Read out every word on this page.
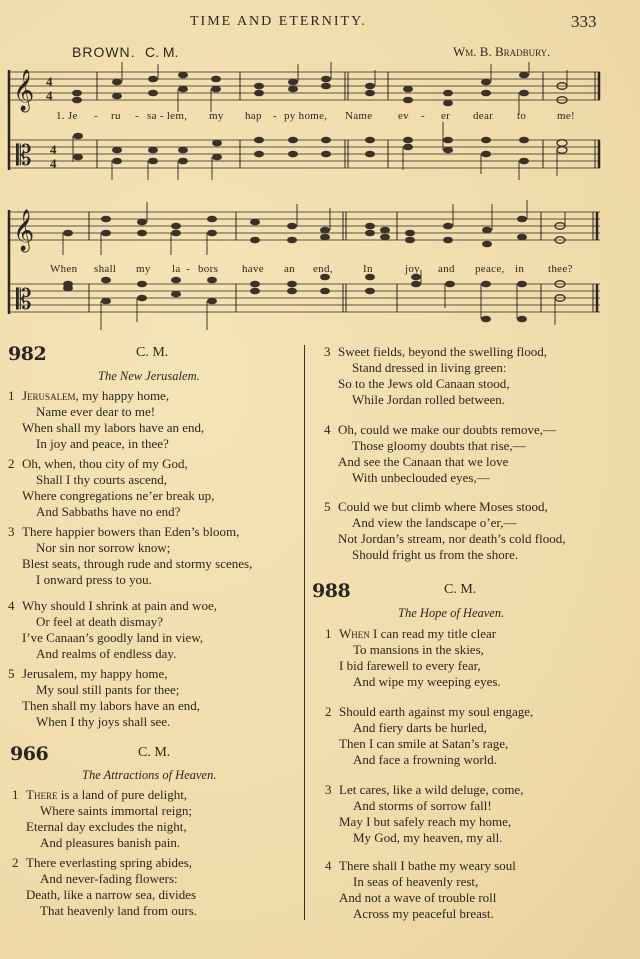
TIME AND ETERNITY.	333
BROWN. C. M.	Wm. B. Bradbury.
𝄞
𝄡
4
4
4
4
1. Je - ru - sa - lem, my hap - py home, Name ev - er dear to	me!
𝄞
𝄡
When shall my la - bors have an end,	In	joy and peace, in thee?
982	C. M.
The New Jerusalem.
1 Jerusalem, my happy home,
Name ever dear to me!
When shall my labors have an end,
In joy and peace, in thee?
2 Oh, when, thou city of my God,
Shall I thy courts ascend,
Where congregations ne’er break up,
And Sabbaths have no end?
3 There happier bowers than Eden’s bloom,
Nor sin nor sorrow know;
Blest seats, through rude and stormy scenes,
I onward press to you.
4 Why should I shrink at pain and woe,
Or feel at death dismay?
I’ve Canaan’s goodly land in view,
And realms of endless day.
5 Jerusalem, my happy home,
My soul still pants for thee;
Then shall my labors have an end,
When I thy joys shall see.
966	C. M.
The Attractions of Heaven.
1 There is a land of pure delight,
Where saints immortal reign;
Eternal day excludes the night,
And pleasures banish pain.
2 There everlasting spring abides,
And never-fading flowers:
Death, like a narrow sea, divides
That heavenly land from ours.
3 Sweet fields, beyond the swelling flood,
Stand dressed in living green:
So to the Jews old Canaan stood,
While Jordan rolled between.
4 Oh, could we make our doubts remove,—
Those gloomy doubts that rise,—
And see the Canaan that we love
With unbeclouded eyes,—
5 Could we but climb where Moses stood,
And view the landscape o’er,—
Not Jordan’s stream, nor death’s cold flood,
Should fright us from the shore.
988	C. M.
The Hope of Heaven.
1 When I can read my title clear
To mansions in the skies,
I bid farewell to every fear,
And wipe my weeping eyes.
2 Should earth against my soul engage,
And fiery darts be hurled,
Then I can smile at Satan’s rage,
And face a frowning world.
3 Let cares, like a wild deluge, come,
And storms of sorrow fall!
May I but safely reach my home,
My God, my heaven, my all.
4 There shall I bathe my weary soul
In seas of heavenly rest,
And not a wave of trouble roll
Across my peaceful breast.
